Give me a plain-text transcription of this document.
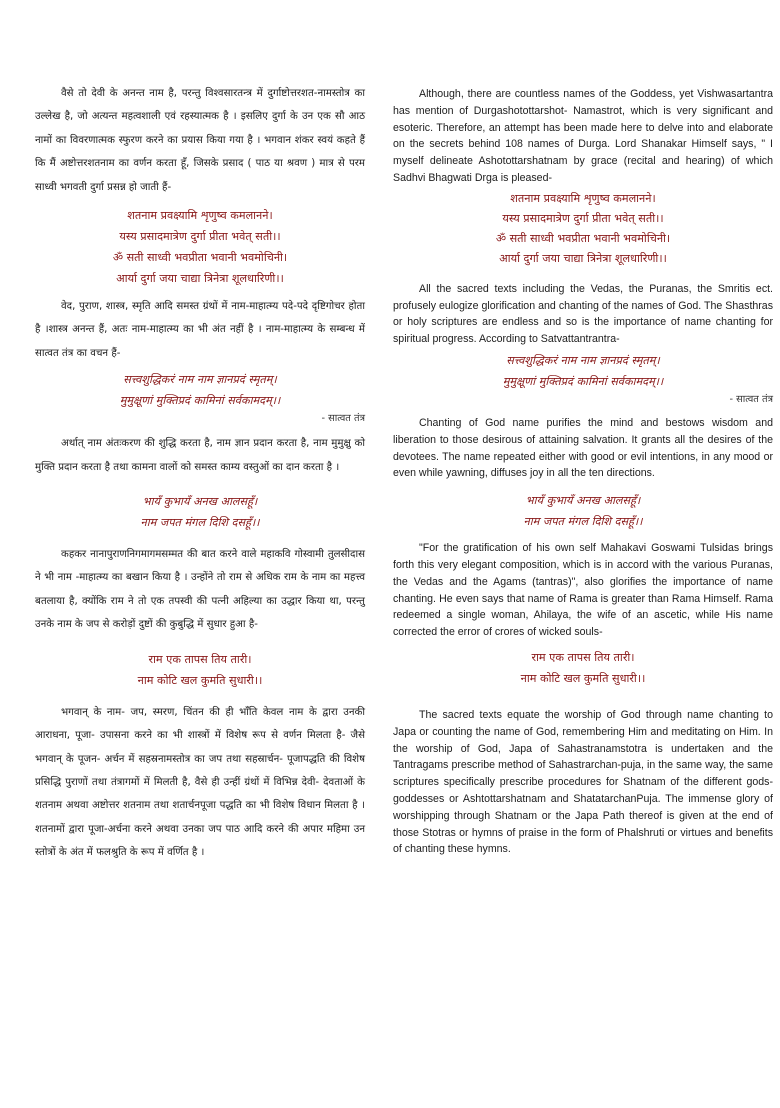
वैसे तो देवी के अनन्त नाम है, परन्तु विश्वसारतन्त्र में दुर्गाष्टोत्तरशत-नामस्तोत्र का उल्लेख है, जो अत्यन्त महत्वशाली एवं रहस्यात्मक है । इसलिए दुर्गा के उन एक सौ आठ नामों का विवरणात्मक स्फुरण करने का प्रयास किया गया है । भगवान शंकर स्वयं कहते हैं कि मैं अष्टोत्तरशतनाम का वर्णन करता हूँ, जिसके प्रसाद ( पाठ या श्रवण ) मात्र से परम साध्वी भगवती दुर्गा प्रसन्न हो जाती हैं-

शतनाम प्रवक्ष्यामि शृणुष्व कमलानने।
यस्य प्रसादमात्रेण दुर्गा प्रीता भवेत् सती।।
ॐ सती साध्वी भवप्रीता भवानी भवमोचिनी।
आर्या दुर्गा जया चाद्या त्रिनेत्रा शूलधारिणी।।

वेद, पुराण, शास्त्र, स्मृति आदि समस्त ग्रंथों में नाम-माहात्म्य पदे-पदे दृष्टिगोचर होता है ।शास्त्र अनन्त हैं, अतः नाम-माहात्म्य का भी अंत नहीं है । नाम-माहात्म्य के सम्बन्ध में सात्वत तंत्र का वचन हैं-

सत्त्वशुद्धिकरं नाम नाम ज्ञानप्रदं स्मृतम्।
मुमुक्षूणां मुक्तिप्रदं कामिनां सर्वकामदम्।।

- सात्वत तंत्र

अर्थात् नाम अंतःकरण की शुद्धि करता है, नाम ज्ञान प्रदान करता है, नाम मुमुक्षु को मुक्ति प्रदान करता है तथा कामना वालों को समस्त काम्य वस्तुओं का दान करता है ।

भायँ कुभायँ अनख आलसहूँ।
नाम जपत मंगल दिशि दसहूँ।।

कहकर नानापुराणनिगमागमसम्मत की बात करने वाले महाकवि गोस्वामी तुलसीदास ने भी नाम -माहात्म्य का बखान किया है । उन्होंने तो राम से अधिक राम के नाम का महत्त्व बतलाया है, क्योंकि राम ने तो एक तपस्वी की पत्नी अहिल्या का उद्धार किया था, परन्तु उनके नाम के जप से करोड़ों दुष्टों की कुबुद्धि में सुधार हुआ है-

राम एक तापस तिय तारी।
नाम कोटि खल कुमति सुधारी।।

भगवान् के नाम- जप, स्मरण, चिंतन की ही भाँति केवल नाम के द्वारा उनकी आराधना, पूजा- उपासना करने का भी शास्त्रों में विशेष रूप से वर्णन मिलता है- जैसे भगवान् के पूजन- अर्चन में सहस्रनामस्तोत्र का जप तथा सहस्रार्चन- पूजापद्धति की विशेष प्रसिद्धि पुराणों तथा तंत्रागमों में मिलती है, वैसे ही उन्हीं ग्रंथों में विभिन्न देवी- देवताओं के शतनाम अथवा अष्टोत्तर शतनाम तथा शतार्चनपूजा पद्धति का भी विशेष विधान मिलता है । शतनामों द्वारा पूजा-अर्चना करने अथवा उनका जप पाठ आदि करने की अपार महिमा उन स्तोत्रों के अंत में फलश्रुति के रूप में वर्णित है ।

Although, there are countless names of the Goddess, yet Vishwasartantra has mention of Durgashotottarshot- Namastrot, which is very significant and esoteric. Therefore, an attempt has been made here to delve into and elaborate on the secrets behind 108 names of Durga. Lord Shanakar Himself says, " I myself delineate Ashotottarshatnam by grace (recital and hearing) of which Sadhvi Bhagwati Drga is pleased-

शतनाम प्रवक्ष्यामि शृणुष्व कमलानने।
यस्य प्रसादमात्रेण दुर्गा प्रीता भवेत् सती।।
ॐ सती साध्वी भवप्रीता भवानी भवमोचिनी।
आर्या दुर्गा जया चाद्या त्रिनेत्रा शूलधारिणी।।

All the sacred texts including the Vedas, the Puranas, the Smritis ect. profusely eulogize glorification and chanting of the names of God. The Shasthras or holy scriptures are endless and so is the importance of name chanting for spiritual progress. According to Satvattantrantra-

सत्त्वशुद्धिकरं नाम नाम ज्ञानप्रदं स्मृतम्।
मुमुक्षूणां मुक्तिप्रदं कामिनां सर्वकामदम्।।

- सात्वत तंत्र

Chanting of God name purifies the mind and bestows wisdom and liberation to those desirous of attaining salvation. It grants all the desires of the devotees. The name repeated either with good or evil intentions, in any mood or even while yawning, diffuses joy in all the ten directions.

भायँ कुभायँ अनख आलसहूँ।
नाम जपत मंगल दिशि दसहूँ।।

"For the gratification of his own self Mahakavi Goswami Tulsidas brings forth this very elegant composition, which is in accord with the various Puranas, the Vedas and the Agams (tantras)", also glorifies the importance of name chanting. He even says that name of Rama is greater than Rama Himself. Rama redeemed a single woman, Ahilaya, the wife of an ascetic, while His name corrected the error of crores of wicked souls-

राम एक तापस तिय तारी।
नाम कोटि खल कुमति सुधारी।।

The sacred texts equate the worship of God through name chanting to Japa or counting the name of God, remembering Him and meditating on Him. In the worship of God, Japa of Sahastranamstotra is undertaken and the Tantragams prescribe method of Sahastrarchan-puja, in the same way, the same scriptures specifically prescribe procedures for Shatnam of the different gods-goddesses or Ashtottarshatnam and ShatatarchanPuja. The immense glory of worshipping through Shatnam or the Japa Path thereof is given at the end of those Stotras or hymns of praise in the form of Phalshruti or virtues and benefits of chanting these hymns.
